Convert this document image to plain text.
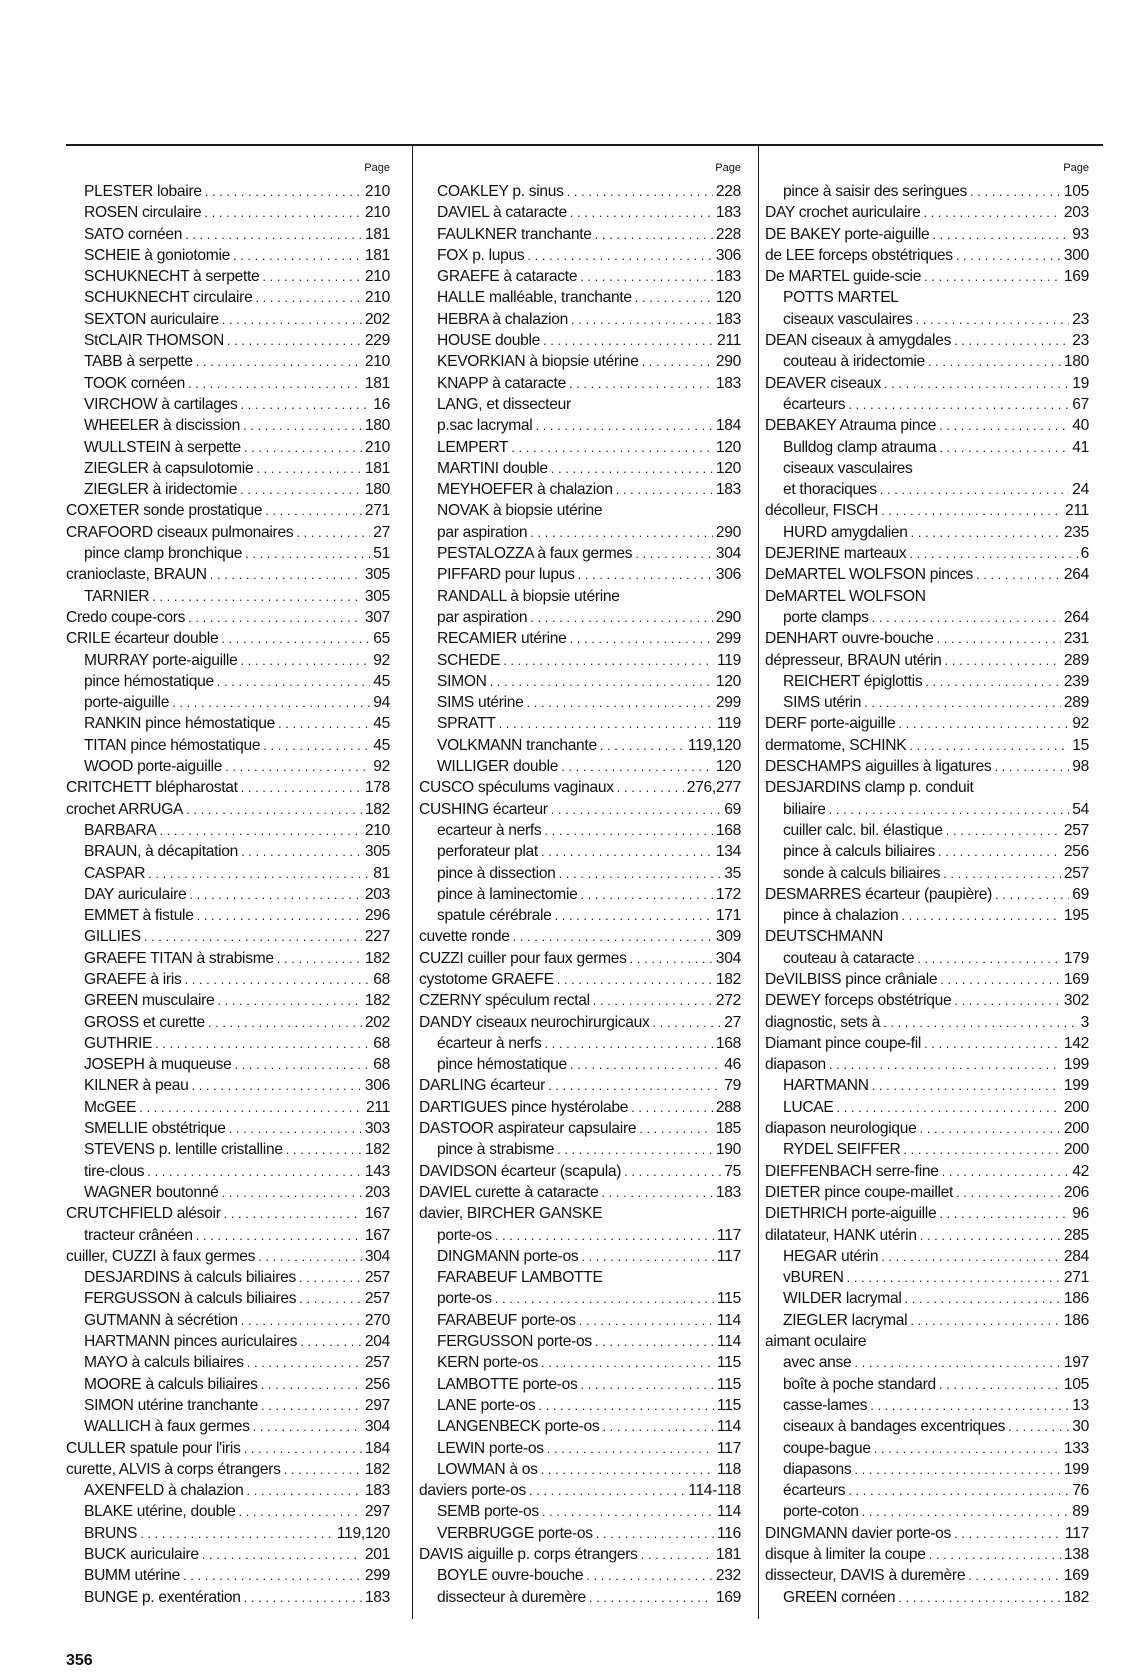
Page
PLESTER lobaire . . .	210
ROSEN circulaire . . .	210
SATO cornéen . . .	181
SCHEIE à goniotomie . . .	181
SCHUKNECHT à serpette . . .	210
SCHUKNECHT circulaire . . .	210
SEXTON auriculaire . . .	202
StCLAIR THOMSON . . .	229
TABB à serpette . . .	210
TOOK cornéen . . .	181
VIRCHOW à cartilages . . .	16
WHEELER à discission . . .	180
WULLSTEIN à serpette . . .	210
ZIEGLER à capsulotomie . . .	181
ZIEGLER à iridectomie . . .	180
COXETER sonde prostatique . . .	271
CRAFOORD ciseaux pulmonaires . . .	27
pince clamp bronchique . . .	51
cranioclaste, BRAUN . . .	305
TARNIER . . .	305
Credo coupe-cors . . .	307
CRILE écarteur double . . .	65
MURRAY porte-aiguille . . .	92
pince hémostatique . . .	45
porte-aiguille . . .	94
RANKIN pince hémostatique . . .	45
TITAN pince hémostatique . . .	45
WOOD porte-aiguille . . .	92
CRITCHETT blépharostat . . .	178
crochet ARRUGA . . .	182
BARBARA . . .	210
BRAUN, à décapitation . . .	305
CASPAR . . .	81
DAY auriculaire . . .	203
EMMET à fistule . . .	296
GILLIES . . .	227
GRAEFE TITAN à strabisme . . .	182
GRAEFE à iris . . .	68
GREEN musculaire . . .	182
GROSS et curette . . .	202
GUTHRIE . . .	68
JOSEPH à muqueuse . . .	68
KILNER à peau . . .	306
McGEE . . .	211
SMELLIE obstétrique . . .	303
STEVENS p. lentille cristalline . . .	182
tire-clous . . .	143
WAGNER boutonné . . .	203
CRUTCHFIELD alésoir . . .	167
tracteur crânéen . . .	167
cuiller, CUZZI à faux germes . . .	304
DESJARDINS à calculs biliaires . . .	257
FERGUSSON à calculs biliaires . . .	257
GUTMANN à sécrétion . . .	270
HARTMANN pinces auriculaires . . .	204
MAYO à calculs biliaires . . .	257
MOORE à calculs biliaires . . .	256
SIMON utérine tranchante . . .	297
WALLICH à faux germes . . .	304
CULLER spatule pour l'iris . . .	184
curette, ALVIS à corps étrangers . . .	182
AXENFELD à chalazion . . .	183
BLAKE utérine, double . . .	297
BRUNS . . .	119,120
BUCK auriculaire . . .	201
BUMM utérine . . .	299
BUNGE p. exentération . . .	183
Page
COAKLEY p. sinus . . .	228
DAVIEL à cataracte . . .	183
FAULKNER tranchante . . .	228
FOX p. lupus . . .	306
GRAEFE à cataracte . . .	183
HALLE malléable, tranchante . . .	120
HEBRA à chalazion . . .	183
HOUSE double . . .	211
KEVORKIAN à biopsie utérine . . .	290
KNAPP à cataracte . . .	183
LANG, et dissecteur
p.sac lacrymal . . .	184
LEMPERT . . .	120
MARTINI double . . .	120
MEYHOEFER à chalazion . . .	183
NOVAK à biopsie utérine
par aspiration . . .	290
PESTALOZZA à faux germes . . .	304
PIFFARD pour lupus . . .	306
RANDALL à biopsie utérine
par aspiration . . .	290
RECAMIER utérine . . .	299
SCHEDE . . .	119
SIMON . . .	120
SIMS utérine . . .	299
SPRATT . . .	119
VOLKMANN tranchante . . .	119,120
WILLIGER double . . .	120
CUSCO spéculums vaginaux . . .	276,277
CUSHING écarteur . . .	69
ecarteur à nerfs . . .	168
perforateur plat . . .	134
pince à dissection . . .	35
pince à laminectomie . . .	172
spatule cérébrale . . .	171
cuvette ronde . . .	309
CUZZI cuiller pour faux germes . . .	304
cystotome GRAEFE . . .	182
CZERNY spéculum rectal . . .	272
DANDY ciseaux neurochirurgicaux . . .	27
écarteur à nerfs . . .	168
pince hémostatique . . .	46
DARLING écarteur . . .	79
DARTIGUES pince hystérolabe . . .	288
DASTOOR aspirateur capsulaire . . .	185
pince à strabisme . . .	190
DAVIDSON écarteur (scapula) . . .	75
DAVIEL curette à cataracte . . .	183
davier, BIRCHER GANSKE
porte-os . . .	117
DINGMANN porte-os . . .	117
FARABEUF LAMBOTTE
porte-os . . .	115
FARABEUF porte-os . . .	114
FERGUSSON porte-os . . .	114
KERN porte-os . . .	115
LAMBOTTE porte-os . . .	115
LANE porte-os . . .	115
LANGENBECK porte-os . . .	114
LEWIN porte-os . . .	117
LOWMAN à os . . .	118
daviers porte-os . . .	114-118
SEMB porte-os . . .	114
VERBRUGGE porte-os . . .	116
DAVIS aiguille p. corps étrangers . . .	181
BOYLE ouvre-bouche . . .	232
dissecteur à duremère . . .	169
Page
pince à saisir des seringues . . .	105
DAY crochet auriculaire . . .	203
DE BAKEY porte-aiguille . . .	93
de LEE forceps obstétriques . . .	300
De MARTEL guide-scie . . .	169
POTTS MARTEL
ciseaux vasculaires . . .	23
DEAN ciseaux à amygdales . . .	23
couteau à iridectomie . . .	180
DEAVER ciseaux . . .	19
écarteurs . . .	67
DEBAKEY Atrauma pince . . .	40
Bulldog clamp atrauma . . .	41
ciseaux vasculaires
et thoraciques . . .	24
décolleur, FISCH . . .	211
HURD amygdalien . . .	235
DEJERINE marteaux . . .	6
DeMARTEL WOLFSON pinces . . .	264
DeMARTEL WOLFSON
porte clamps . . .	264
DENHART ouvre-bouche . . .	231
dépresseur, BRAUN utérin . . .	289
REICHERT épiglottis . . .	239
SIMS utérin . . .	289
DERF porte-aiguille . . .	92
dermatome, SCHINK . . .	15
DESCHAMPS aiguilles à ligatures . . .	98
DESJARDINS clamp p. conduit
biliaire . . .	54
cuiller calc. bil. élastique . . .	257
pince à calculs biliaires . . .	256
sonde à calculs biliaires . . .	257
DESMARRES écarteur (paupière) . . .	69
pince à chalazion . . .	195
DEUTSCHMANN
couteau à cataracte . . .	179
DeVILBISS pince crâniale . . .	169
DEWEY forceps obstétrique . . .	302
diagnostic, sets à . . .	3
Diamant pince coupe-fil . . .	142
diapason . . .	199
HARTMANN . . .	199
LUCAE . . .	200
diapason neurologique . . .	200
RYDEL SEIFFER . . .	200
DIEFFENBACH serre-fine . . .	42
DIETER pince coupe-maillet . . .	206
DIETHRICH porte-aiguille . . .	96
dilatateur, HANK utérin . . .	285
HEGAR utérin . . .	284
vBUREN . . .	271
WILDER lacrymal . . .	186
ZIEGLER lacrymal . . .	186
aimant oculaire
avec anse . . .	197
boîte à poche standard . . .	105
casse-lames . . .	13
ciseaux à bandages excentriques . . .	30
coupe-bague . . .	133
diapasons . . .	199
écarteurs . . .	76
porte-coton . . .	89
DINGMANN davier porte-os . . .	117
disque à limiter la coupe . . .	138
dissecteur, DAVIS à duremère . . .	169
GREEN cornéen . . .	182
356
